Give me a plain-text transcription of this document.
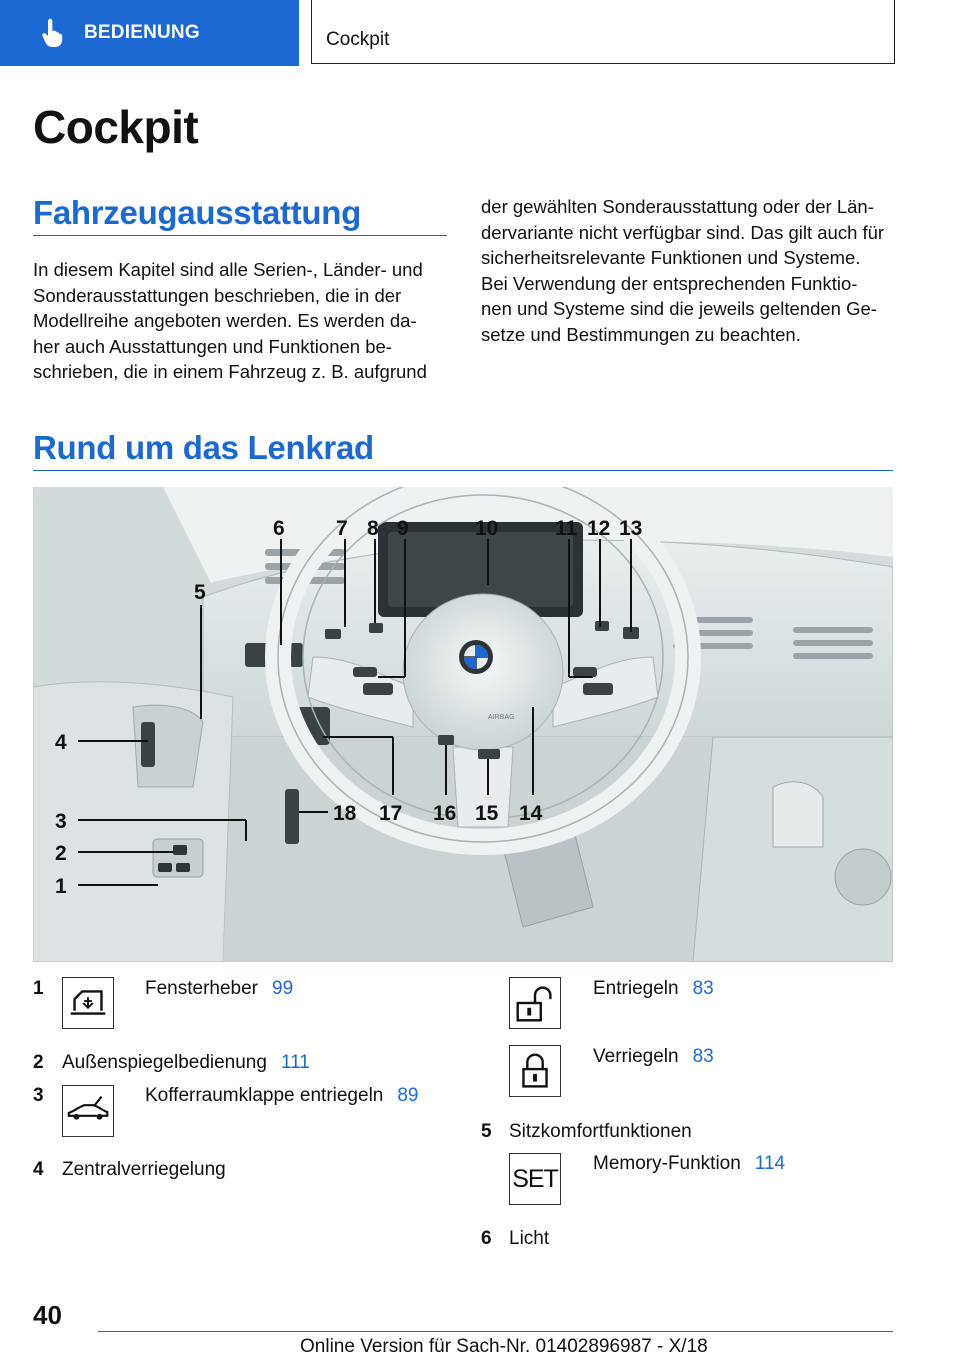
BEDIENUNG	Cockpit
Cockpit
Fahrzeugausstattung
In diesem Kapitel sind alle Serien-, Länder- und
Sonderausstattungen beschrieben, die in der
Modellreihe angeboten werden. Es werden da-
her auch Ausstattungen und Funktionen be-
schrieben, die in einem Fahrzeug z. B. aufgrund
der gewählten Sonderausstattung oder der Län-
dervariante nicht verfügbar sind. Das gilt auch für
sicherheitsrelevante Funktionen und Systeme.
Bei Verwendung der entsprechenden Funktio-
nen und Systeme sind die jeweils geltenden Ge-
setze und Bestimmungen zu beachten.
Rund um das Lenkrad
AIRBAG
6 7 8 9	10	11 12 13
5
4
3
2
1
18 17 16 15 14
1	Fensterheber 99
2 Außenspiegelbedienung 111
3	Kofferraumklappe entriegeln 89
4 Zentralverriegelung
Entriegeln 83
Verriegeln 83
5 Sitzkomfortfunktionen
SET
Memory-Funktion 114
6 Licht
40
Online Version für Sach-Nr. 01402896987 - X/18
